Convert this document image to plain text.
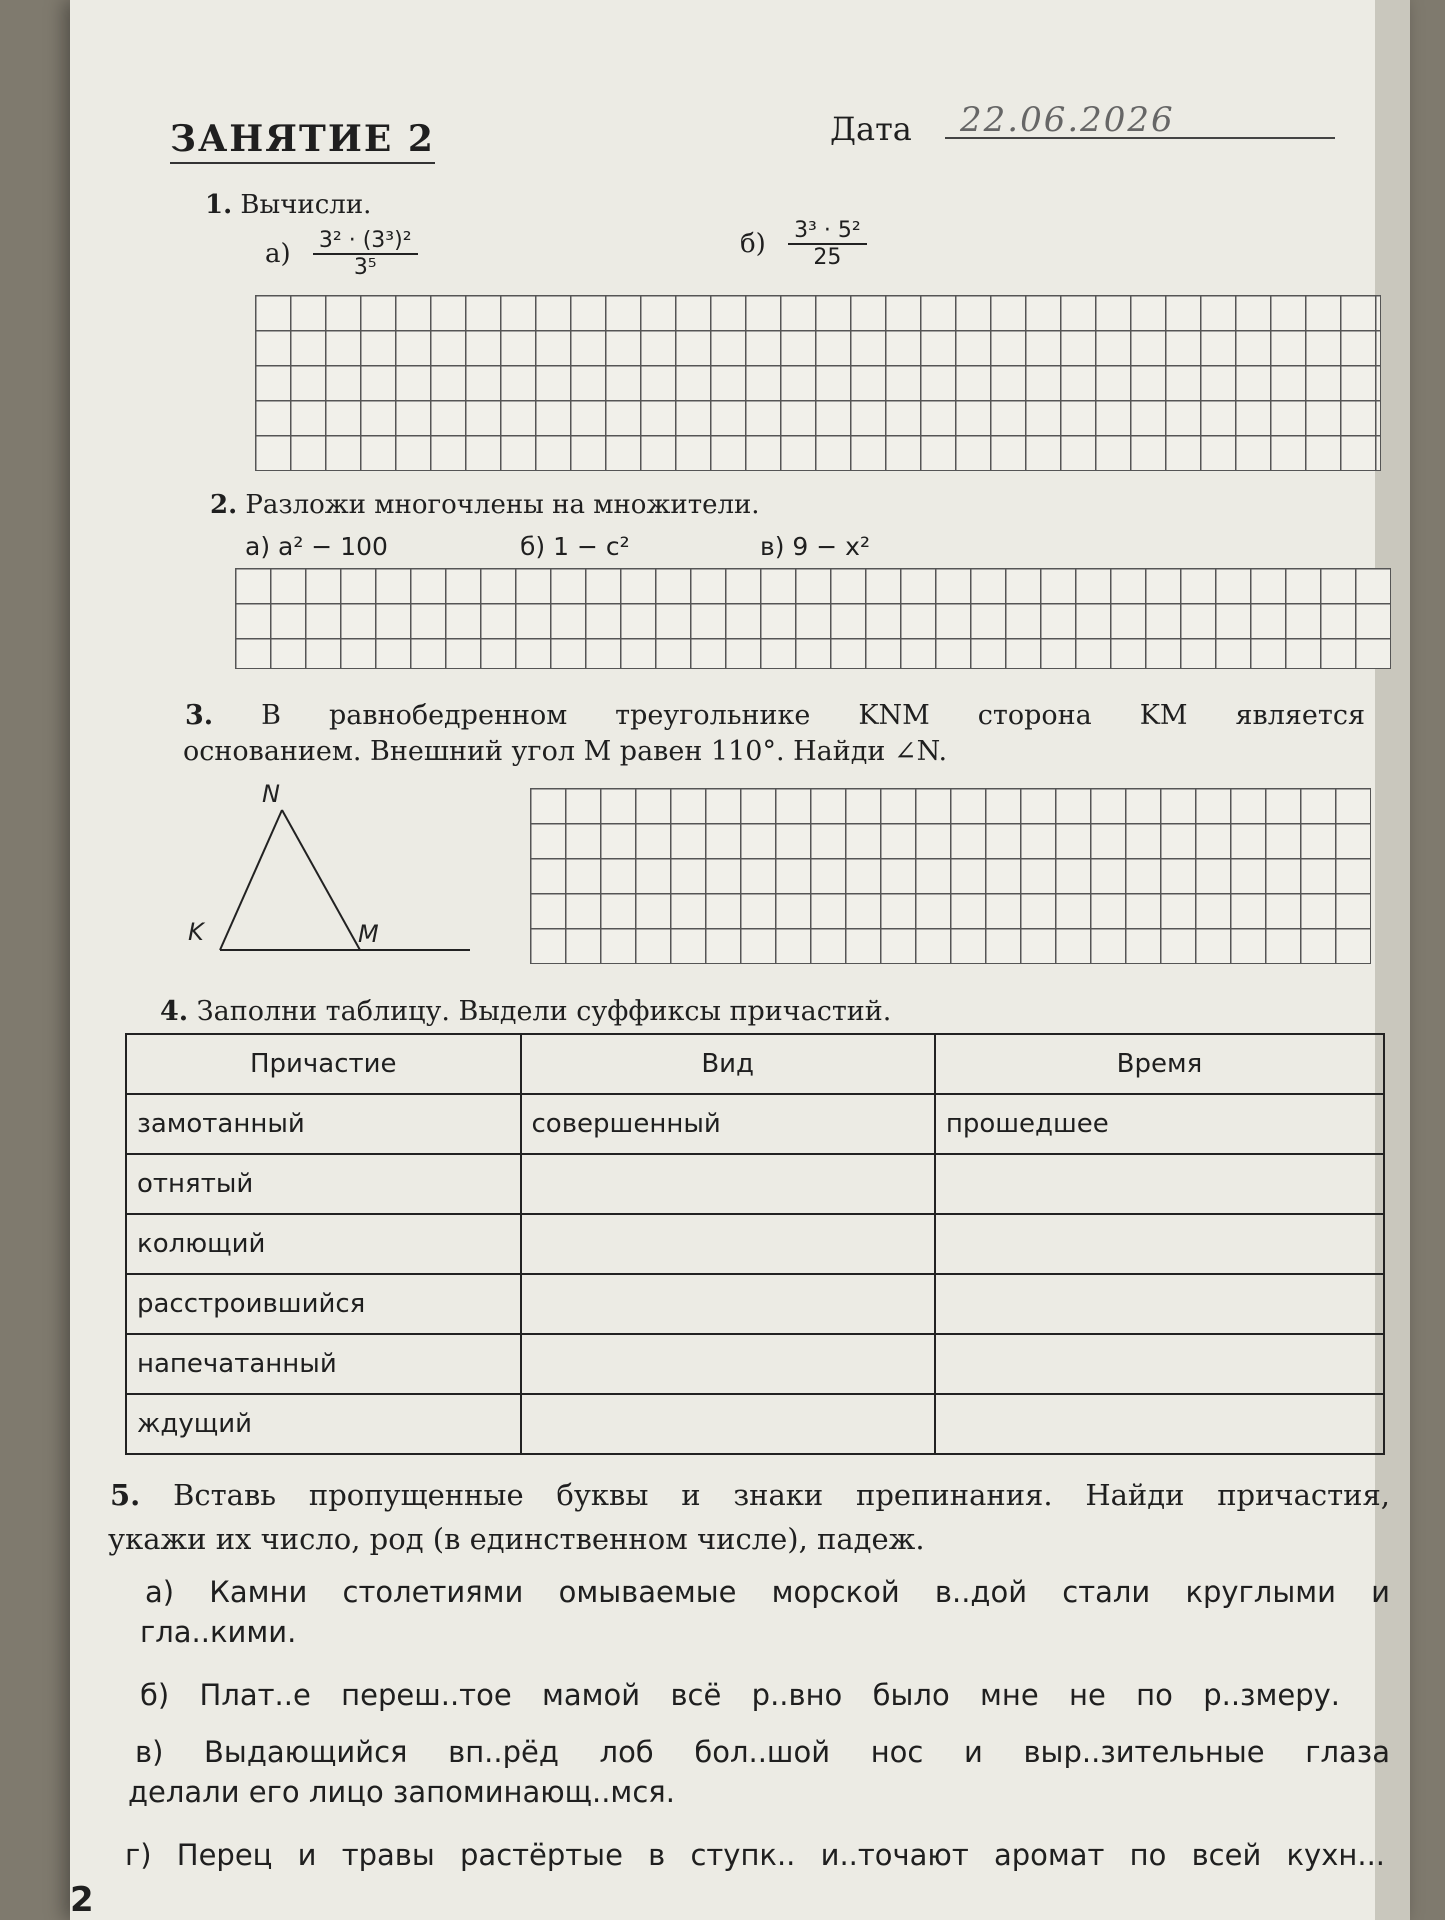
ЗАНЯТИЕ 2	Дата 22.06.2026
1. Вычисли.
$а) \frac{\text{3² · (3³)²}}{\text{3⁵}}$	$б) \frac{\text{3³ · 5²}}{25}$
2. Разложи многочлены на множители.
а) a² − 100	б) 1 − c²	в) 9 − x²
3. В равнобедренном треугольнике KNM сторона KM является
основанием. Внешний угол M равен 110°. Найди ∠N.
N
K	M
4. Заполни таблицу. Выдели суффиксы причастий.
Причастие	Вид	Время
замотанный	совершенный	прошедшее
отнятый		
колющий		
расстроившийся		
напечатанный		
ждущий		
5. Вставь пропущенные буквы и знаки препинания. Найди причастия,
укажи их число, род (в единственном числе), падеж.
а) Камни столетиями омываемые морской в..дой стали круглыми и
гла..кими.
б) Плат..е переш..тое мамой всё р..вно было мне не по р..змеру.
в) Выдающийся вп..рёд лоб бол..шой нос и выр..зительные глаза
делали его лицо запоминающ..мся.
г) Перец и травы растёртые в ступк.. и..точают аромат по всей кухн...
2
